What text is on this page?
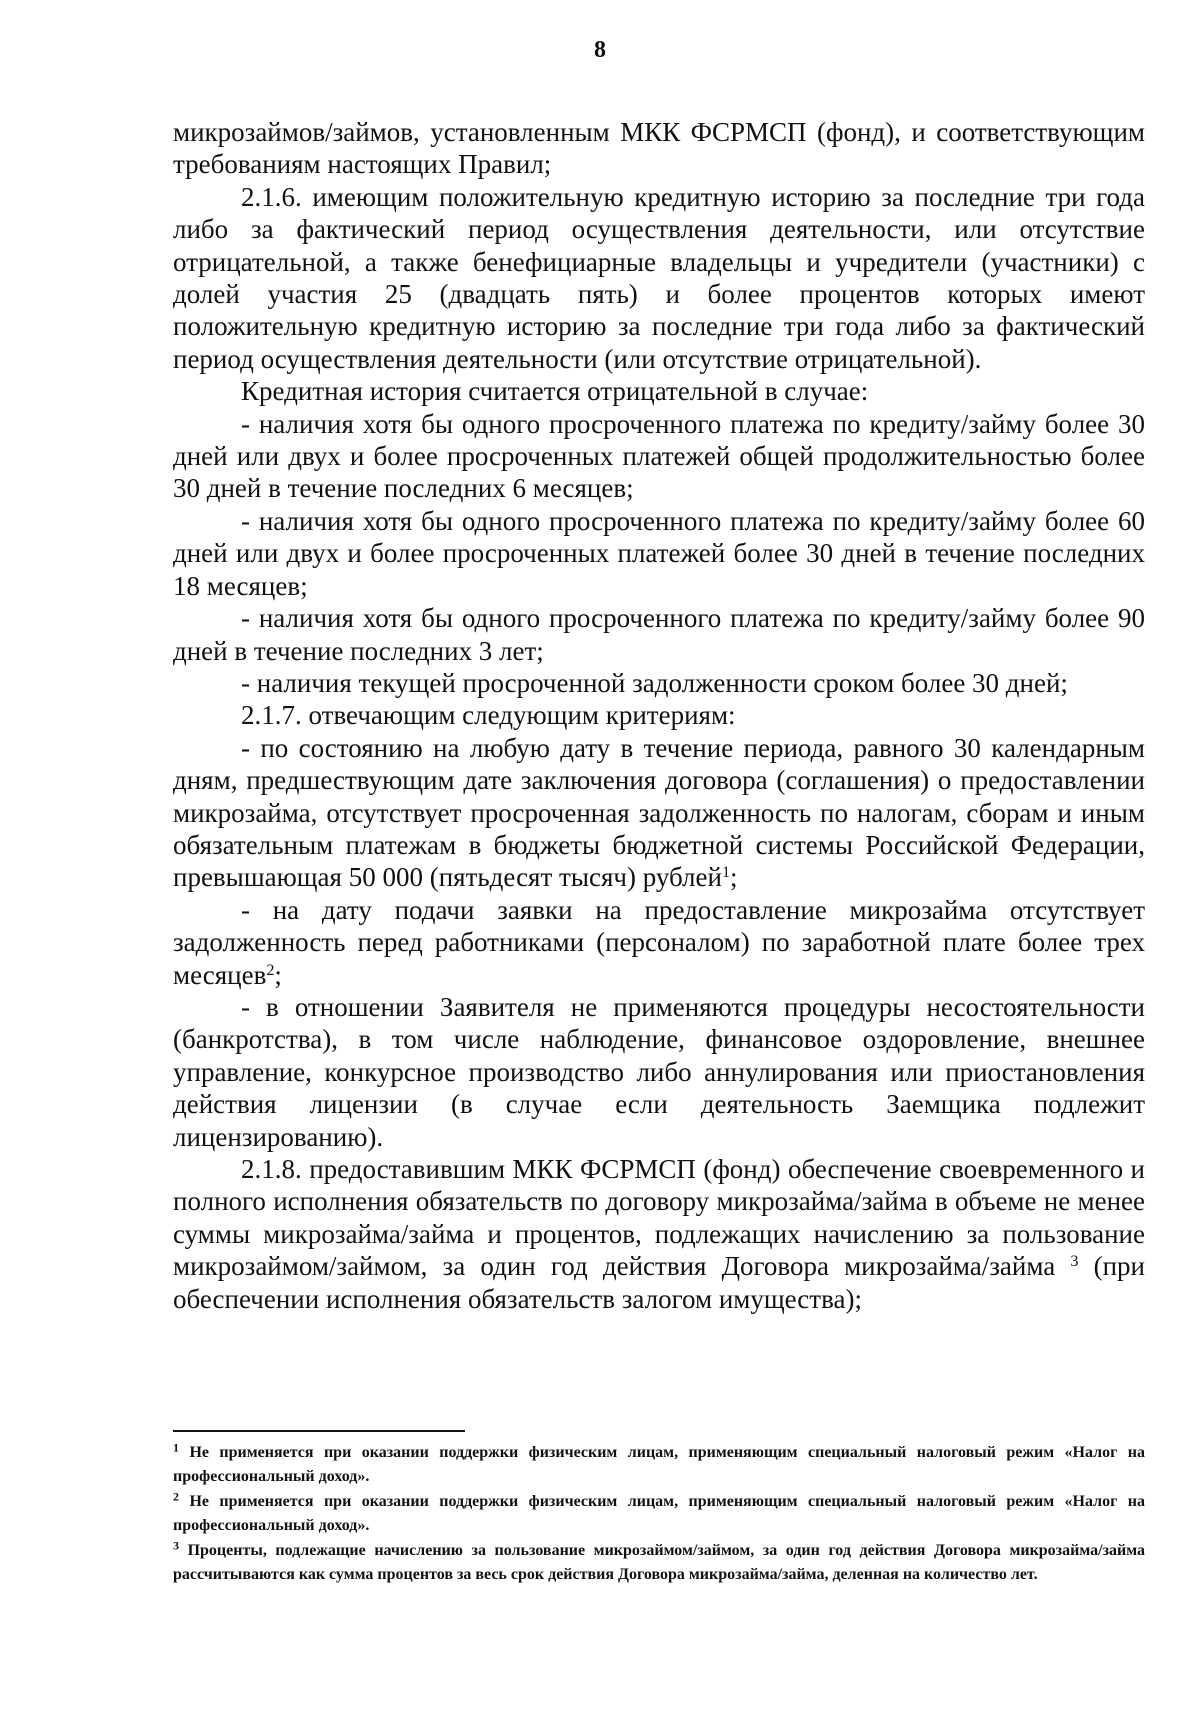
8

микрозаймов/займов, установленным МКК ФСРМСП (фонд), и соответствующим требованиям настоящих Правил;

2.1.6. имеющим положительную кредитную историю за последние три года либо за фактический период осуществления деятельности, или отсутствие отрицательной, а также бенефициарные владельцы и учредители (участники) с долей участия 25 (двадцать пять) и более процентов которых имеют положительную кредитную историю за последние три года либо за фактический период осуществления деятельности (или отсутствие отрицательной).

Кредитная история считается отрицательной в случае:

- наличия хотя бы одного просроченного платежа по кредиту/займу более 30 дней или двух и более просроченных платежей общей продолжительностью более 30 дней в течение последних 6 месяцев;

- наличия хотя бы одного просроченного платежа по кредиту/займу более 60 дней или двух и более просроченных платежей более 30 дней в течение последних 18 месяцев;

- наличия хотя бы одного просроченного платежа по кредиту/займу более 90 дней в течение последних 3 лет;

- наличия текущей просроченной задолженности сроком более 30 дней;

2.1.7. отвечающим следующим критериям:

- по состоянию на любую дату в течение периода, равного 30 календарным дням, предшествующим дате заключения договора (соглашения) о предоставлении микрозайма, отсутствует просроченная задолженность по налогам, сборам и иным обязательным платежам в бюджеты бюджетной системы Российской Федерации, превышающая 50 000 (пятьдесят тысяч) рублей$^1$;

- на дату подачи заявки на предоставление микрозайма отсутствует задолженность перед работниками (персоналом) по заработной плате более трех месяцев$^2$;

- в отношении Заявителя не применяются процедуры несостоятельности (банкротства), в том числе наблюдение, финансовое оздоровление, внешнее управление, конкурсное производство либо аннулирования или приостановления действия лицензии (в случае если деятельность Заемщика подлежит лицензированию).

2.1.8. предоставившим МКК ФСРМСП (фонд) обеспечение своевременного и полного исполнения обязательств по договору микрозайма/займа в объеме не менее суммы микрозайма/займа и процентов, подлежащих начислению за пользование микрозаймом/займом, за один год действия Договора микрозайма/займа $^3$ (при обеспечении исполнения обязательств залогом имущества);

$^1$ Не применяется при оказании поддержки физическим лицам, применяющим специальный налоговый режим «Налог на профессиональный доход».

$^2$ Не применяется при оказании поддержки физическим лицам, применяющим специальный налоговый режим «Налог на профессиональный доход».

$^3$ Проценты, подлежащие начислению за пользование микрозаймом/займом, за один год действия Договора микрозайма/займа рассчитываются как сумма процентов за весь срок действия Договора микрозайма/займа, деленная на количество лет.
